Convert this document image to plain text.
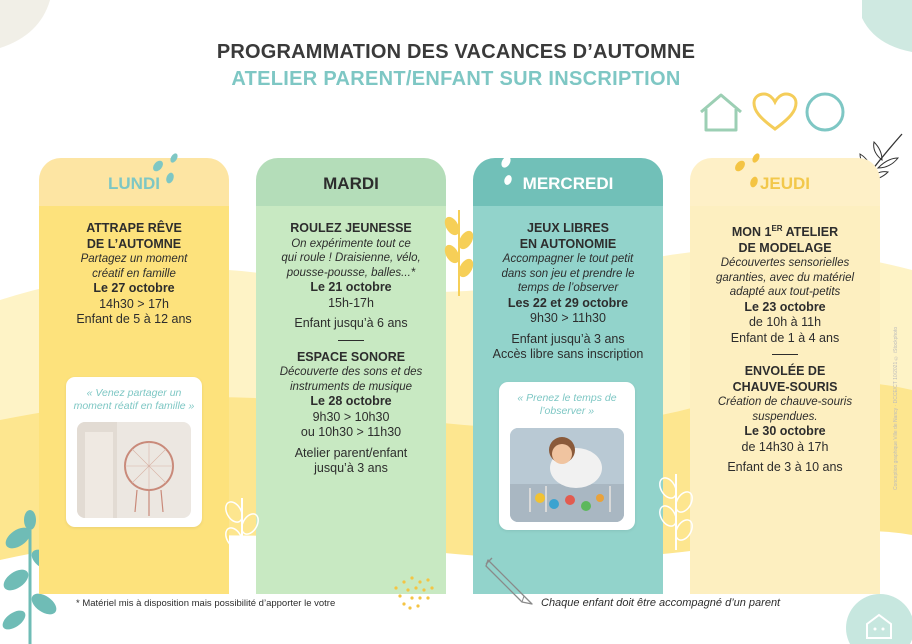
PROGRAMMATION DES VACANCES D’AUTOMNE
ATELIER PARENT/ENFANT SUR INSCRIPTION
LUNDI	MARDI	MERCREDI	JEUDI
ATTRAPE RÊVE
DE L’AUTOMNE
Partagez un moment
créatif en famille
Le 27 octobre
14h30 > 17h
Enfant de 5 à 12 ans
« Venez partager un
moment réatif en famille »
ROULEZ JEUNESSE
On expérimente tout ce
qui roule ! Draisienne, vélo,
pousse-pousse, balles...*
Le 21 octobre
15h-17h
Enfant jusqu’à 6 ans
ESPACE SONORE
Découverte des sons et des
instruments de musique
Le 28 octobre
9h30 > 10h30
ou 10h30 > 11h30
Atelier parent/enfant
jusqu’à 3 ans
JEUX LIBRES
EN AUTONOMIE
Accompagner le tout petit
dans son jeu et prendre le
temps de l’observer
Les 22 et 29 octobre
9h30 > 11h30
Enfant jusqu’à 3 ans
Accès libre sans inscription
« Prenez le temps de
l’observer »
MON 1ER ATELIER
DE MODELAGE
Découvertes sensorielles
garanties, avec du matériel
adapté aux tout-petits
Le 23 octobre
de 10h à 11h
Enfant de 1 à 4 ans
ENVOLÉE DE
CHAUVE-SOURIS
Création de chauve-souris
suspendues.
Le 30 octobre
de 14h30 à 17h
Enfant de 3 à 10 ans
* Matériel mis à disposition mais possibilité d’apporter le votre	Chaque enfant doit être accompagné d’un parent
Conception graphique Ville de Nancy · DCCE/CT 10/2021 © iStockphoto
